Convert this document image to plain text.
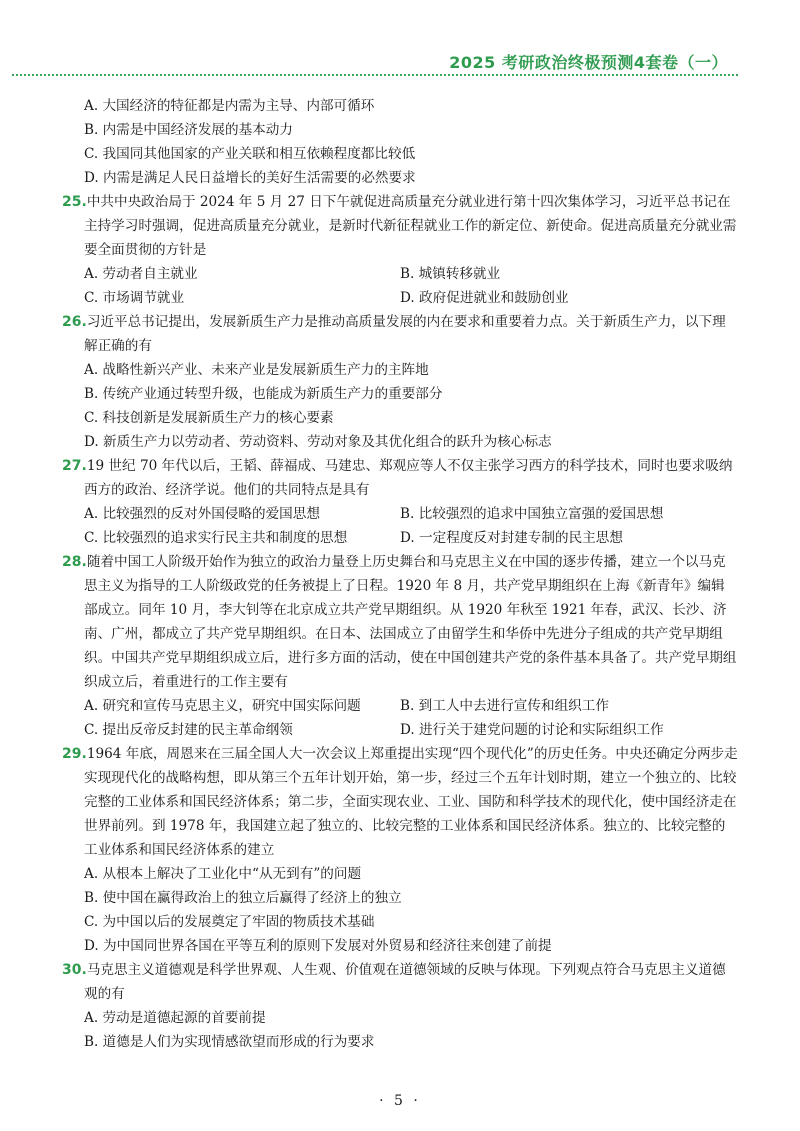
2025 考研政治终极预测4套卷（一）
A. 大国经济的特征都是内需为主导、内部可循环
B. 内需是中国经济发展的基本动力
C. 我国同其他国家的产业关联和相互依赖程度都比较低
D. 内需是满足人民日益增长的美好生活需要的必然要求
25.中共中央政治局于 2024 年 5 月 27 日下午就促进高质量充分就业进行第十四次集体学习，习近平总书记在主持学习时强调，促进高质量充分就业，是新时代新征程就业工作的新定位、新使命。促进高质量充分就业需要全面贯彻的方针是
A. 劳动者自主就业	B. 城镇转移就业
C. 市场调节就业	D. 政府促进就业和鼓励创业
26.习近平总书记提出，发展新质生产力是推动高质量发展的内在要求和重要着力点。关于新质生产力，以下理解正确的有
A. 战略性新兴产业、未来产业是发展新质生产力的主阵地
B. 传统产业通过转型升级，也能成为新质生产力的重要部分
C. 科技创新是发展新质生产力的核心要素
D. 新质生产力以劳动者、劳动资料、劳动对象及其优化组合的跃升为核心标志
27.19 世纪 70 年代以后，王韬、薛福成、马建忠、郑观应等人不仅主张学习西方的科学技术，同时也要求吸纳西方的政治、经济学说。他们的共同特点是具有
A. 比较强烈的反对外国侵略的爱国思想	B. 比较强烈的追求中国独立富强的爱国思想
C. 比较强烈的追求实行民主共和制度的思想	D. 一定程度反对封建专制的民主思想
28.随着中国工人阶级开始作为独立的政治力量登上历史舞台和马克思主义在中国的逐步传播，建立一个以马克思主义为指导的工人阶级政党的任务被提上了日程。1920 年 8 月，共产党早期组织在上海《新青年》编辑部成立。同年 10 月，李大钊等在北京成立共产党早期组织。从 1920 年秋至 1921 年春，武汉、长沙、济南、广州，都成立了共产党早期组织。在日本、法国成立了由留学生和华侨中先进分子组成的共产党早期组织。中国共产党早期组织成立后，进行多方面的活动，使在中国创建共产党的条件基本具备了。共产党早期组织成立后，着重进行的工作主要有
A. 研究和宣传马克思主义，研究中国实际问题	B. 到工人中去进行宣传和组织工作
C. 提出反帝反封建的民主革命纲领	D. 进行关于建党问题的讨论和实际组织工作
29.1964 年底，周恩来在三届全国人大一次会议上郑重提出实现“四个现代化”的历史任务。中央还确定分两步走实现现代化的战略构想，即从第三个五年计划开始，第一步，经过三个五年计划时期，建立一个独立的、比较完整的工业体系和国民经济体系；第二步，全面实现农业、工业、国防和科学技术的现代化，使中国经济走在世界前列。到 1978 年，我国建立起了独立的、比较完整的工业体系和国民经济体系。独立的、比较完整的工业体系和国民经济体系的建立
A. 从根本上解决了工业化中“从无到有”的问题
B. 使中国在赢得政治上的独立后赢得了经济上的独立
C. 为中国以后的发展奠定了牢固的物质技术基础
D. 为中国同世界各国在平等互利的原则下发展对外贸易和经济往来创建了前提
30.马克思主义道德观是科学世界观、人生观、价值观在道德领域的反映与体现。下列观点符合马克思主义道德观的有
A. 劳动是道德起源的首要前提
B. 道德是人们为实现情感欲望而形成的行为要求
· 5 ·
